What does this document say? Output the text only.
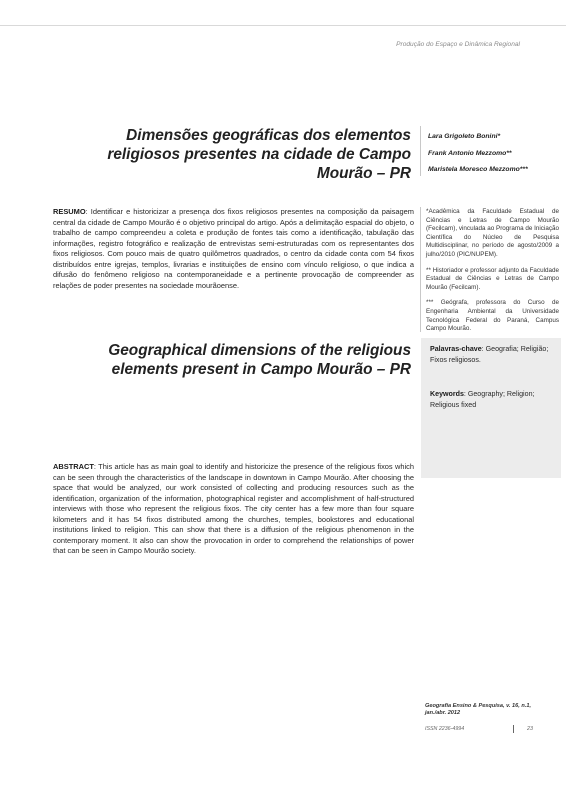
Produção do Espaço e Dinâmica Regional
Dimensões geográficas dos elementos religiosos presentes na cidade de Campo Mourão – PR
Lara Grigoleto Bonini*
Frank Antonio Mezzomo**
Maristela Moresco Mezzomo***
RESUMO: Identificar e historicizar a presença dos fixos religiosos presentes na composição da paisagem central da cidade de Campo Mourão é o objetivo principal do artigo. Após a delimitação espacial do objeto, o trabalho de campo compreendeu a coleta e produção de fontes tais como a identificação, tabulação das informações, registro fotográfico e realização de entrevistas semi-estruturadas com os representantes dos fixos religiosos. Com pouco mais de quatro quilômetros quadrados, o centro da cidade conta com 54 fixos distribuídos entre igrejas, templos, livrarias e instituições de ensino com vínculo religioso, o que indica a difusão do fenômeno religioso na contemporaneidade e a pertinente provocação de compreender as relações de poder presentes na sociedade mourãoense.
*Acadêmica da Faculdade Estadual de Ciências e Letras de Campo Mourão (Fecilcam), vinculada ao Programa de Iniciação Científica do Núcleo de Pesquisa Multidisciplinar, no período de agosto/2009 a julho/2010 (PIC/NUPEM).
** Historiador e professor adjunto da Faculdade Estadual de Ciências e Letras de Campo Mourão (Fecilcam).
*** Geógrafa, professora do Curso de Engenharia Ambiental da Universidade Tecnológica Federal do Paraná, Campus Campo Mourão.
Geographical dimensions of the religious elements present in Campo Mourão – PR
Palavras-chave: Geografia; Religião; Fixos religiosos.
Keywords: Geography; Religion; Religious fixed
ABSTRACT: This article has as main goal to identify and historicize the presence of the religious fixos which can be seen through the characteristics of the landscape in downtown in Campo Mourão. After choosing the space that would be analyzed, our work consisted of collecting and producing resources such as the identification, organization of the information, photographical register and accomplishment of half-structured interviews with those who represent the religious fixos. The city center has a few more than four square kilometers and it has 54 fixos distributed among the churches, temples, bookstores and educational institutions linked to religion. This can show that there is a diffusion of the religious phenomenon in the contemporary moment. It also can show the provocation in order to comprehend the relationships of power that can be seen in Campo Mourão society.
Geografia Ensino & Pesquisa, v. 16, n.1,
jan./abr. 2012
ISSN 2236-4994	23
